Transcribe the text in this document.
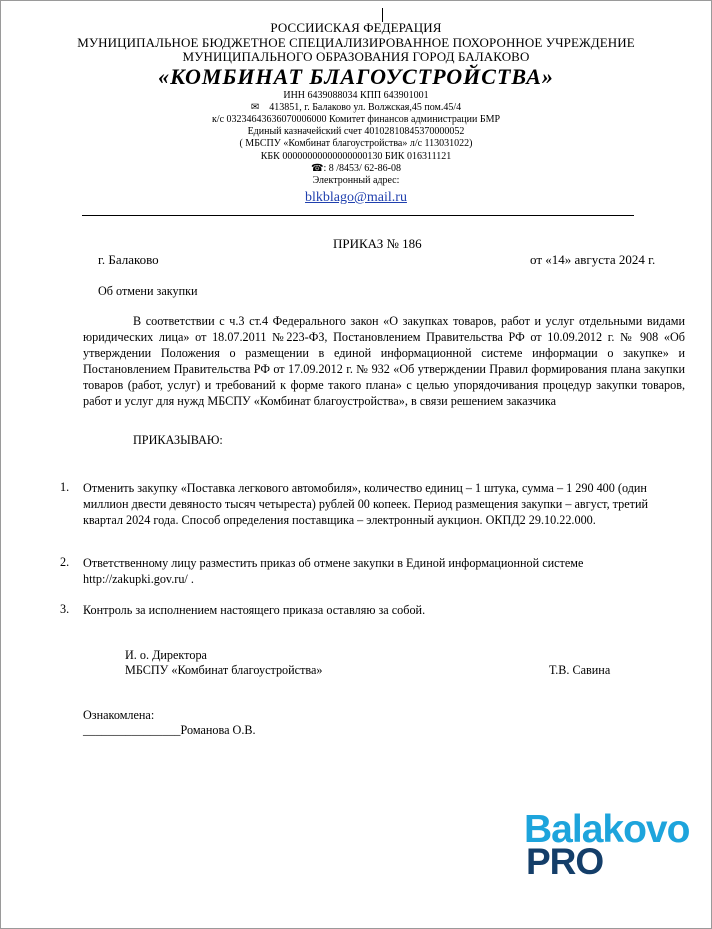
РОССИИСКАЯ ФЕДЕРАЦИЯ
МУНИЦИПАЛЬНОЕ БЮДЖЕТНОЕ СПЕЦИАЛИЗИРОВАННОЕ ПОХОРОННОЕ УЧРЕЖДЕНИЕ
МУНИЦИПАЛЬНОГО ОБРАЗОВАНИЯ ГОРОД БАЛАКОВО
«КОМБИНАТ БЛАГОУСТРОЙСТВА»
ИНН 6439088034 КПП 643901001
✉    413851, г. Балаково ул. Волжская,45 пом.45/4
к/с 03234643636070006000 Комитет финансов администрации БМР
Единый казначейский счет 40102810845370000052
( МБСПУ «Комбинат благоустройства» л/с 113031022)
КБК 00000000000000000130 БИК 016311121
☎: 8 /8453/ 62-86-08
Электронный адрес:
blkblago@mail.ru
ПРИКАЗ № 186
г. Балаково	от «14» августа 2024 г.
Об отмени закупки
В соответствии с ч.3 ст.4 Федерального закон «О закупках товаров, работ и услуг отдельными видами юридических лица» от 18.07.2011 №223-ФЗ, Постановлением Правительства РФ от 10.09.2012 г. № 908 «Об утверждении Положения о размещении в единой информационной системе информации о закупке» и Постановлением Правительства РФ от 17.09.2012 г. № 932 «Об утверждении Правил формирования плана закупки товаров (работ, услуг) и требований к форме такого плана» с целью упорядочивания процедур закупки товаров, работ и услуг для нужд МБСПУ «Комбинат благоустройства», в связи решением заказчика
ПРИКАЗЫВАЮ:
1. Отменить закупку «Поставка легкового автомобиля», количество единиц – 1 штука, сумма – 1 290 400 (один миллион двести девяносто тысяч четыреста) рублей 00 копеек. Период размещения закупки – август, третий квартал 2024 года. Способ определения поставщика – электронный аукцион. ОКПД2 29.10.22.000.
2. Ответственному лицу разместить приказ об отмене закупки в Единой информационной системе http://zakupki.gov.ru/ .
3. Контроль за исполнением настоящего приказа оставляю за собой.
И. о. Директора
МБСПУ «Комбинат благоустройства»	Т.В. Савина
Ознакомлена:
________________Романова О.В.
Balakovo
PRO
